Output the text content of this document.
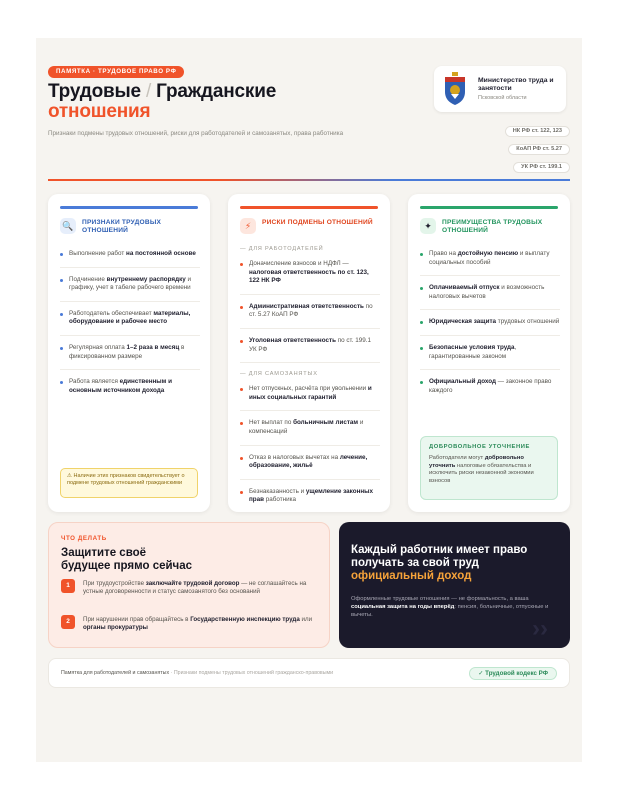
ПАМЯТКА · ТРУДОВОЕ ПРАВО РФ
Трудовые / Гражданские
отношения
Признаки подмены трудовых отношений, риски для работодателей и самозанятых, права работника
Министерство труда и занятости
Псковской области
НК РФ ст. 122, 123
КоАП РФ ст. 5.27
УК РФ ст. 199.1
🔍	ПРИЗНАКИ ТРУДОВЫХ ОТНОШЕНИЙ
Выполнение работ на постоянной основе
Подчинение внутреннему распорядку и графику, учет в табеле рабочего времени
Работодатель обеспечивает материалы, оборудование и рабочее место
Регулярная оплата 1–2 раза в месяц в фиксированном размере
Работа является единственным и основным источником дохода
⚠ Наличие этих признаков свидетельствует о подмене трудовых отношений гражданскими
⚡	РИСКИ ПОДМЕНЫ ОТНОШЕНИЙ
— ДЛЯ РАБОТОДАТЕЛЕЙ
Доначисление взносов и НДФЛ — налоговая ответственность по ст. 123, 122 НК РФ
Административная ответственность по ст. 5.27 КоАП РФ
Уголовная ответственность по ст. 199.1 УК РФ
— ДЛЯ САМОЗАНЯТЫХ
Нет отпускных, расчёта при увольнении и иных социальных гарантий
Нет выплат по больничным листам и компенсаций
Отказ в налоговых вычетах на лечение, образование, жильё
Безнаказанность и ущемление законных прав работника
✦	ПРЕИМУЩЕСТВА ТРУДОВЫХ ОТНОШЕНИЙ
Право на достойную пенсию и выплату социальных пособий
Оплачиваемый отпуск и возможность налоговых вычетов
Юридическая защита трудовых отношений
Безопасные условия труда, гарантированные законом
Официальный доход — законное право каждого
ДОБРОВОЛЬНОЕ УТОЧНЕНИЕ
Работодатели могут добровольно уточнить налоговые обязательства и исключить риски незаконной экономии взносов
ЧТО ДЕЛАТЬ
Защитите своё
будущее прямо сейчас
1	При трудоустройстве заключайте трудовой договор — не соглашайтесь на устные договоренности и статус самозанятого без оснований
2	При нарушении прав обращайтесь в Государственную инспекцию труда или органы прокуратуры
Каждый работник имеет право получать за свой труд официальный доход
Оформленные трудовые отношения — не формальность, а ваша социальная защита на годы вперёд: пенсия, больничные, отпускные и вычеты.
››
Памятка для работодателей и самозанятых · Признаки подмены трудовых отношений гражданско-правовыми	✓ Трудовой кодекс РФ
